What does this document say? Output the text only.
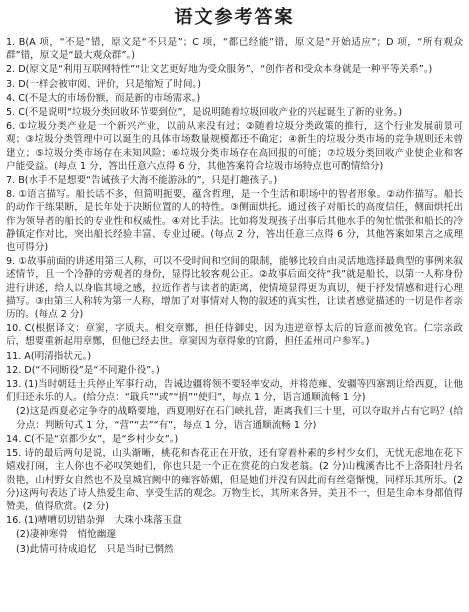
语文参考答案

1. B(A 项，“不是”错，原文是“不只是”；C 项，“都已经能”错，原文是“开始适应”；D 项，“所有观众群”错，原文是“最大观众群”。)

2. D(原文是“利用互联网特性”“让文艺更好地为受众服务”，“创作者和受众本身就是一种平等关系”。)

3. D(一样会被审阅、评价，只是缩短了时间。)

4. C(不是大的市场份额，而是新的市场需求。)

5. C(不是说明“垃圾分类回收环节要到位”，是说明随着垃圾回收产业的兴起诞生了新的业务。)

6. ①垃圾分类产业是一个新兴产业，以前从来没有过；②随着垃圾分类政策的推行，这个行业发展前景可观；③垃圾分类管理中可以诞生的具体市场数量规模都还不确定；④新生的垃圾分类市场的竞争规则还未曾建立；⑤垃圾分类市场存在未知风险；⑥垃圾分类市场存在高回报的可能；⑦垃圾分类回收产业使企业和客户能受益。(每点 1 分，答出任意六点得 6 分，其他答案符合垃圾市场特点也可酌情给分)

7. B(水手不是想要“告诫孩子大海不能游泳的”，只是打趣孩子。)

8. ①语言描写。船长话不多，但简明扼要，蕴含哲理，是一个生活和职场中的智者形象。②动作描写。船长的动作干练果断，是长年处于决断位置的人的特性。③侧面烘托。通过孩子对船长的高度信任，侧面烘托出作为领导者的船长的专业性和权威性。④对比手法。比如将发现孩子出事后其他水手的匆忙慌张和船长的冷静镇定作对比，突出船长经验丰富、专业过硬。(每点 2 分，答出任意三点得 6 分，其他答案如果言之成理也可得分)

9. ①故事前面的讲述用第三人称，可以不受时间和空间的限制，能够比较自由灵活地选择最典型的事例来叙述情节，且一个冷静的旁观者的身份，显得比较客观公正。②故事后面交待“我”就是船长，以第一人称身份进行讲述，给人以身临其境之感，拉近作者与读者的距离，使情境显得更为真切，便于抒发情感和进行心理描写。③由第三人称转为第一人称，增加了对事情对人物的叙述的真实性，让读者感觉描述的一切是作者亲历的。(每点 2 分)

10. C(根据译文：章窦，字质夫。相交章酂，担任侍御史，因为违逆章惇太后的旨意而被免官。仁宗亲政后，想要重新起用章酂，但他已经去世。章窦因为章得象的官爵，担任孟州司户参军。)

11. A(明清指状元。)

12. D(“不同断役”是“不同避仆役”。)

13. (1)当时朝廷士兵停止军事行动，告诫边疆将领不要轻率安动，并将范雍、安疆等四寨割让给西夏，让他们归还永乐的人。(给分点：“戢兵”“或”“捐”“使归”，每点 1 分，语言通顺流畅 1 分)

(2)这是西夏必定争夺的战略要地，西夏刚好在石门峡扎营，距离我们三十里，可以夺取并占有它吗？(给分点：判断句式 1 分，“营”“去”“有”，每点 1 分，语言通顺流畅 1 分)

14. C(不是“京都少女”，是“乡村少女”。)

15. 诗的最后两句是说，山头渐晰，桃花和杏花正在开放，还有穿着朴素的乡村少女们，无忧无虑地在花下嬉戏打闹，主人你也不必叹笑她们，你也只是一个正在赏花的白发老翁。(2 分)山槐溪杏比不上洛阳牡丹名贵艳，山村野女自然也不及皇城宫阙中的雍容娇媚，但是她们并没有因此而有丝毫惭愧，同样乐其所乐。(2 分)这两句表达了诗人热爱生命、享受生活的观念。万物生长，其所来各异，美丑不一，但是生命本身都值得赞美，值得欣赏。(2 分)

16. (1)嘈嘈切切错杂弹　大珠小珠落玉盘

(2)凄神寒骨　悄怆幽邃

(3)此情可待成追忆　只是当时已惘然
